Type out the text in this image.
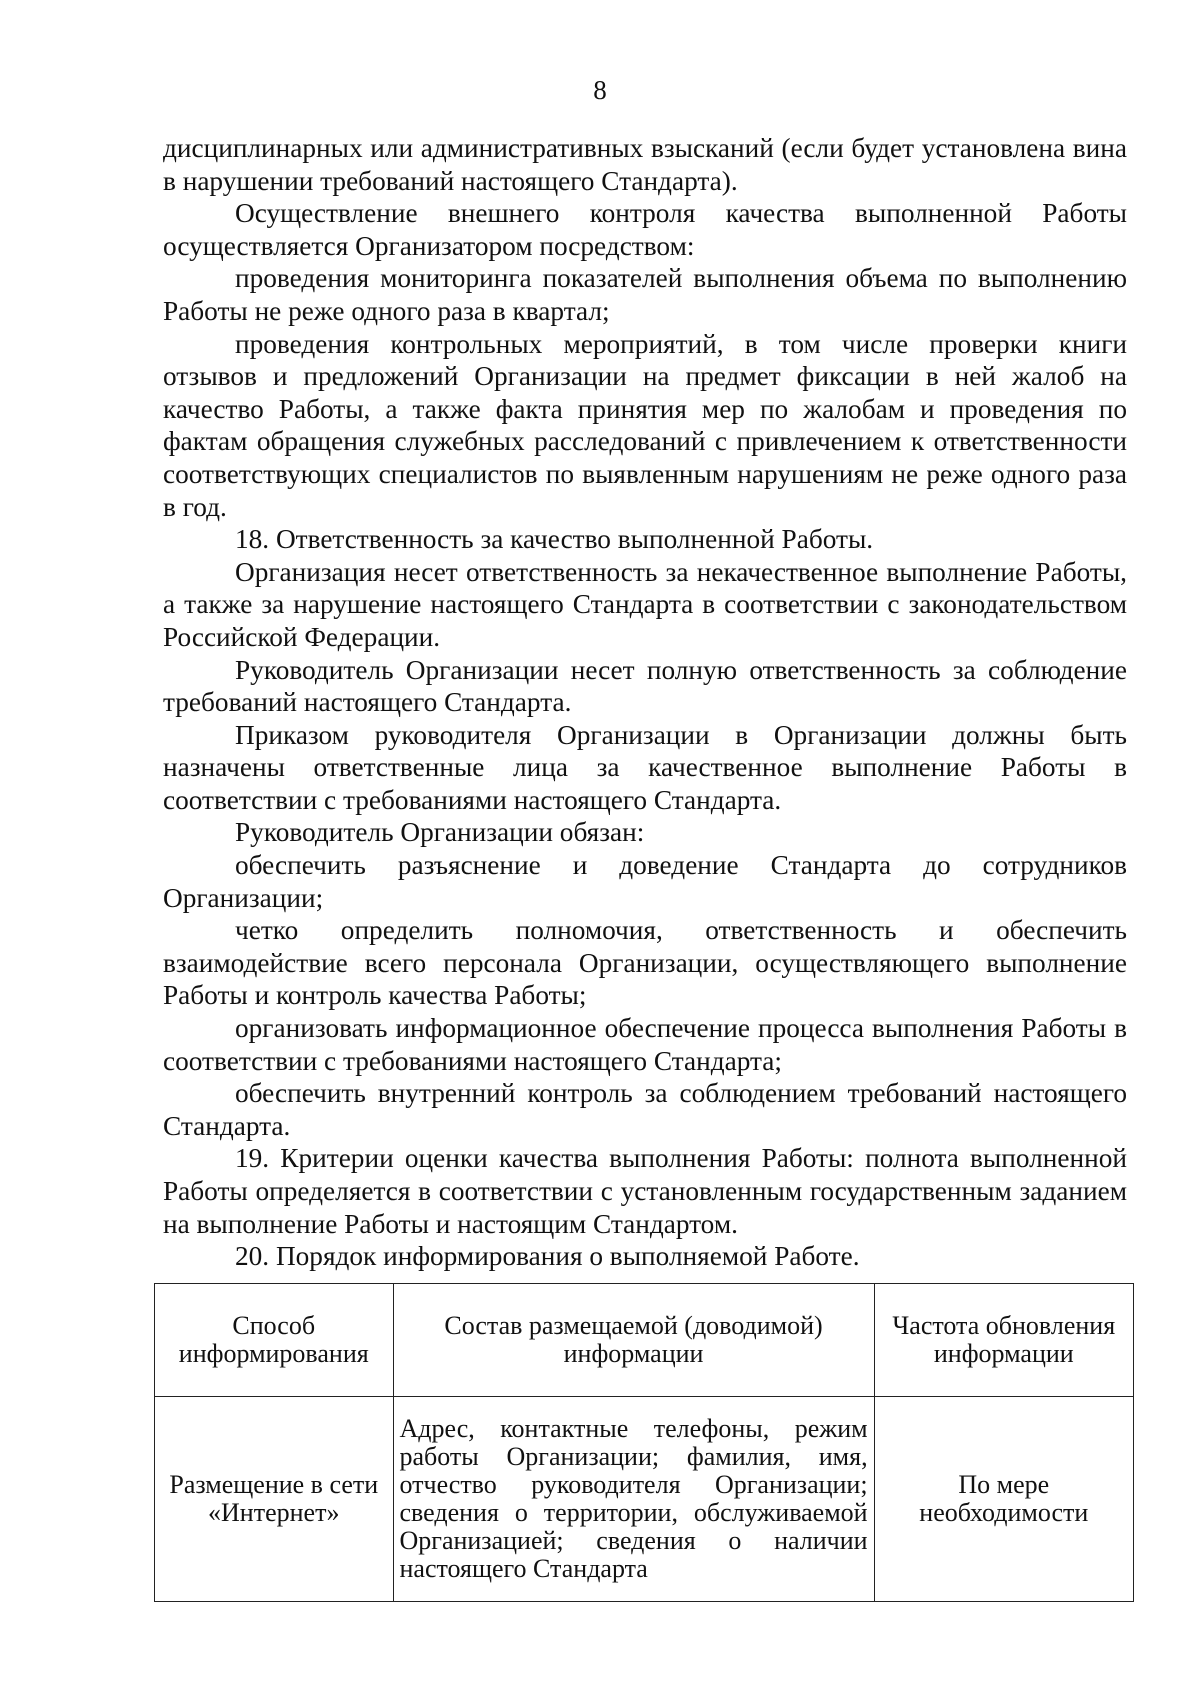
8

дисциплинарных или административных взысканий (если будет установлена вина в нарушении требований настоящего Стандарта).

Осуществление внешнего контроля качества выполненной Работы осуществляется Организатором посредством:

проведения мониторинга показателей выполнения объема по выполнению Работы не реже одного раза в квартал;

проведения контрольных мероприятий, в том числе проверки книги отзывов и предложений Организации на предмет фиксации в ней жалоб на качество Работы, а также факта принятия мер по жалобам и проведения по фактам обращения служебных расследований с привлечением к ответственности соответствующих специалистов по выявленным нарушениям не реже одного раза в год.

18. Ответственность за качество выполненной Работы.

Организация несет ответственность за некачественное выполнение Работы, а также за нарушение настоящего Стандарта в соответствии с законодательством Российской Федерации.

Руководитель Организации несет полную ответственность за соблюдение требований настоящего Стандарта.

Приказом руководителя Организации в Организации должны быть назначены ответственные лица за качественное выполнение Работы в соответствии с требованиями настоящего Стандарта.

Руководитель Организации обязан:

обеспечить разъяснение и доведение Стандарта до сотрудников Организации;

четко определить полномочия, ответственность и обеспечить взаимодействие всего персонала Организации, осуществляющего выполнение Работы и контроль качества Работы;

организовать информационное обеспечение процесса выполнения Работы в соответствии с требованиями настоящего Стандарта;

обеспечить внутренний контроль за соблюдением требований настоящего Стандарта.

19. Критерии оценки качества выполнения Работы: полнота выполненной Работы определяется в соответствии с установленным государственным заданием на выполнение Работы и настоящим Стандартом.

20. Порядок информирования о выполняемой Работе.

Способ информирования	Состав размещаемой (доводимой) информации	Частота обновления информации
Размещение в сети «Интернет»	Адрес, контактные телефоны, режим работы Организации; фамилия, имя, отчество руководителя Организации; сведения о территории, обслуживаемой Организацией; сведения о наличии настоящего Стандарта	По мере необходимости
